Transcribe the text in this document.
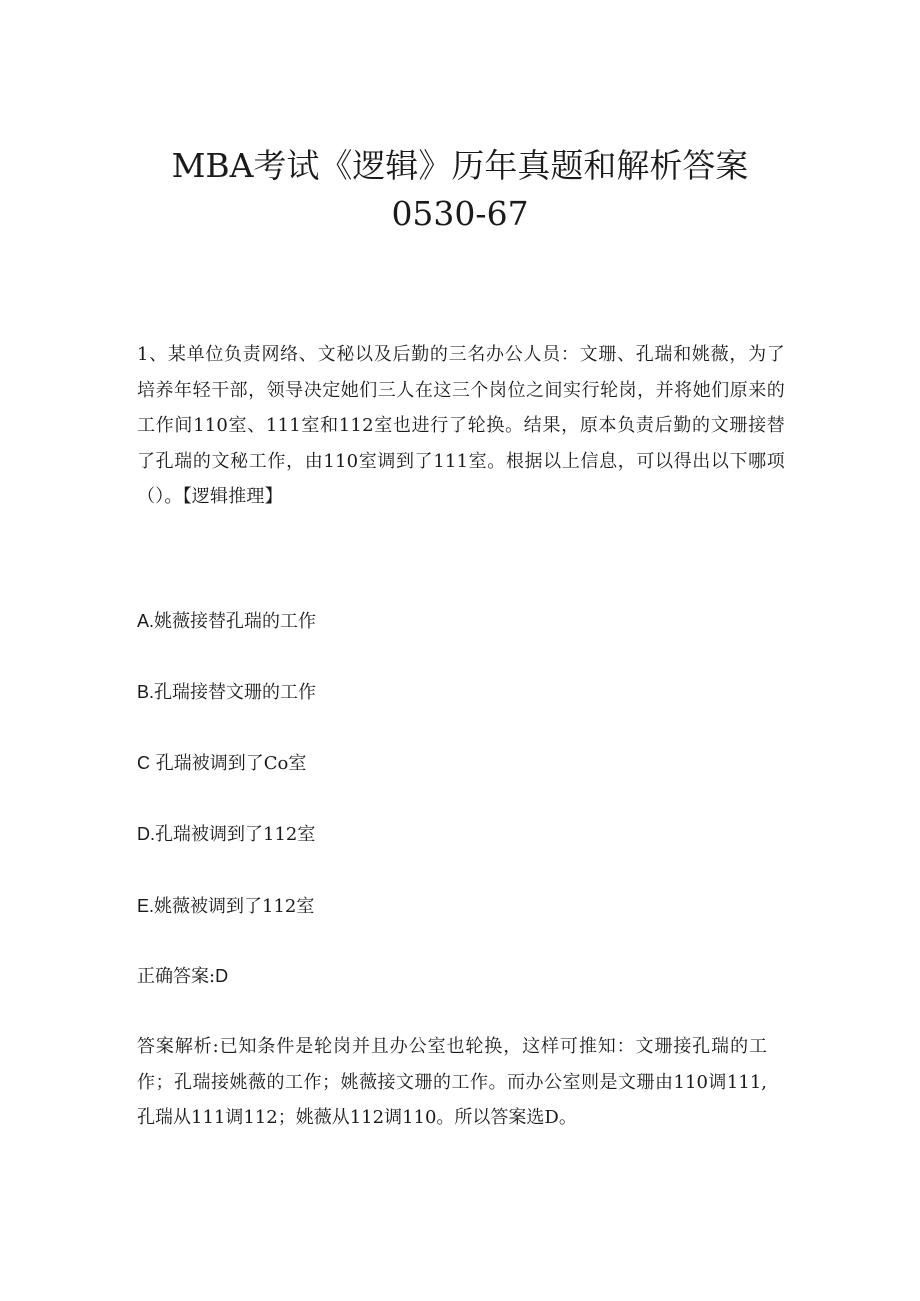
MBA考试《逻辑》历年真题和解析答案
0530-67

1、某单位负责网络、文秘以及后勤的三名办公人员：文珊、孔瑞和姚薇，为了培养年轻干部，领导决定她们三人在这三个岗位之间实行轮岗，并将她们原来的工作间110室、111室和112室也进行了轮换。结果，原本负责后勤的文珊接替了孔瑞的文秘工作，由110室调到了111室。根据以上信息，可以得出以下哪项（）。【逻辑推理】

A.姚薇接替孔瑞的工作

B.孔瑞接替文珊的工作

C 孔瑞被调到了Co室

D.孔瑞被调到了112室

E.姚薇被调到了112室

正确答案:D

答案解析:已知条件是轮岗并且办公室也轮换，这样可推知：文珊接孔瑞的工作；孔瑞接姚薇的工作；姚薇接文珊的工作。而办公室则是文珊由110调111,孔瑞从111调112；姚薇从112调110。所以答案选D。
